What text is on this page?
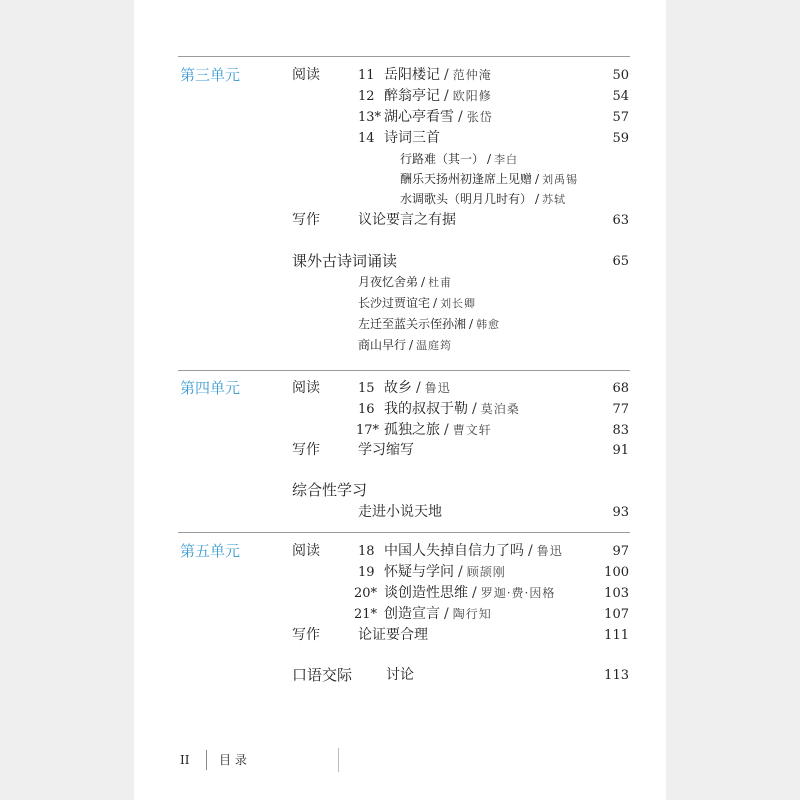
第三单元	阅读	11 岳阳楼记 / 范仲淹	50
12 醉翁亭记 / 欧阳修	54
13* 湖心亭看雪 / 张岱	57
14 诗词三首	59
行路难（其一） / 李白
酬乐天扬州初逢席上见赠 / 刘禹锡
水调歌头（明月几时有） / 苏轼
写作	议论要言之有据	63
课外古诗词诵读	65
月夜忆舍弟 / 杜甫
长沙过贾谊宅 / 刘长卿
左迁至蓝关示侄孙湘 / 韩愈
商山早行 / 温庭筠
第四单元	阅读	15 故乡 / 鲁迅	68
16 我的叔叔于勒 / 莫泊桑	77
17* 孤独之旅 / 曹文轩	83
写作	学习缩写	91
综合性学习
走进小说天地	93
第五单元	阅读	18 中国人失掉自信力了吗 / 鲁迅	97
19 怀疑与学问 / 顾颉刚	100
20* 谈创造性思维 / 罗迦·费·因格	103
21* 创造宣言 / 陶行知	107
写作	论证要合理	111
口语交际 讨论	113
II 目 录
